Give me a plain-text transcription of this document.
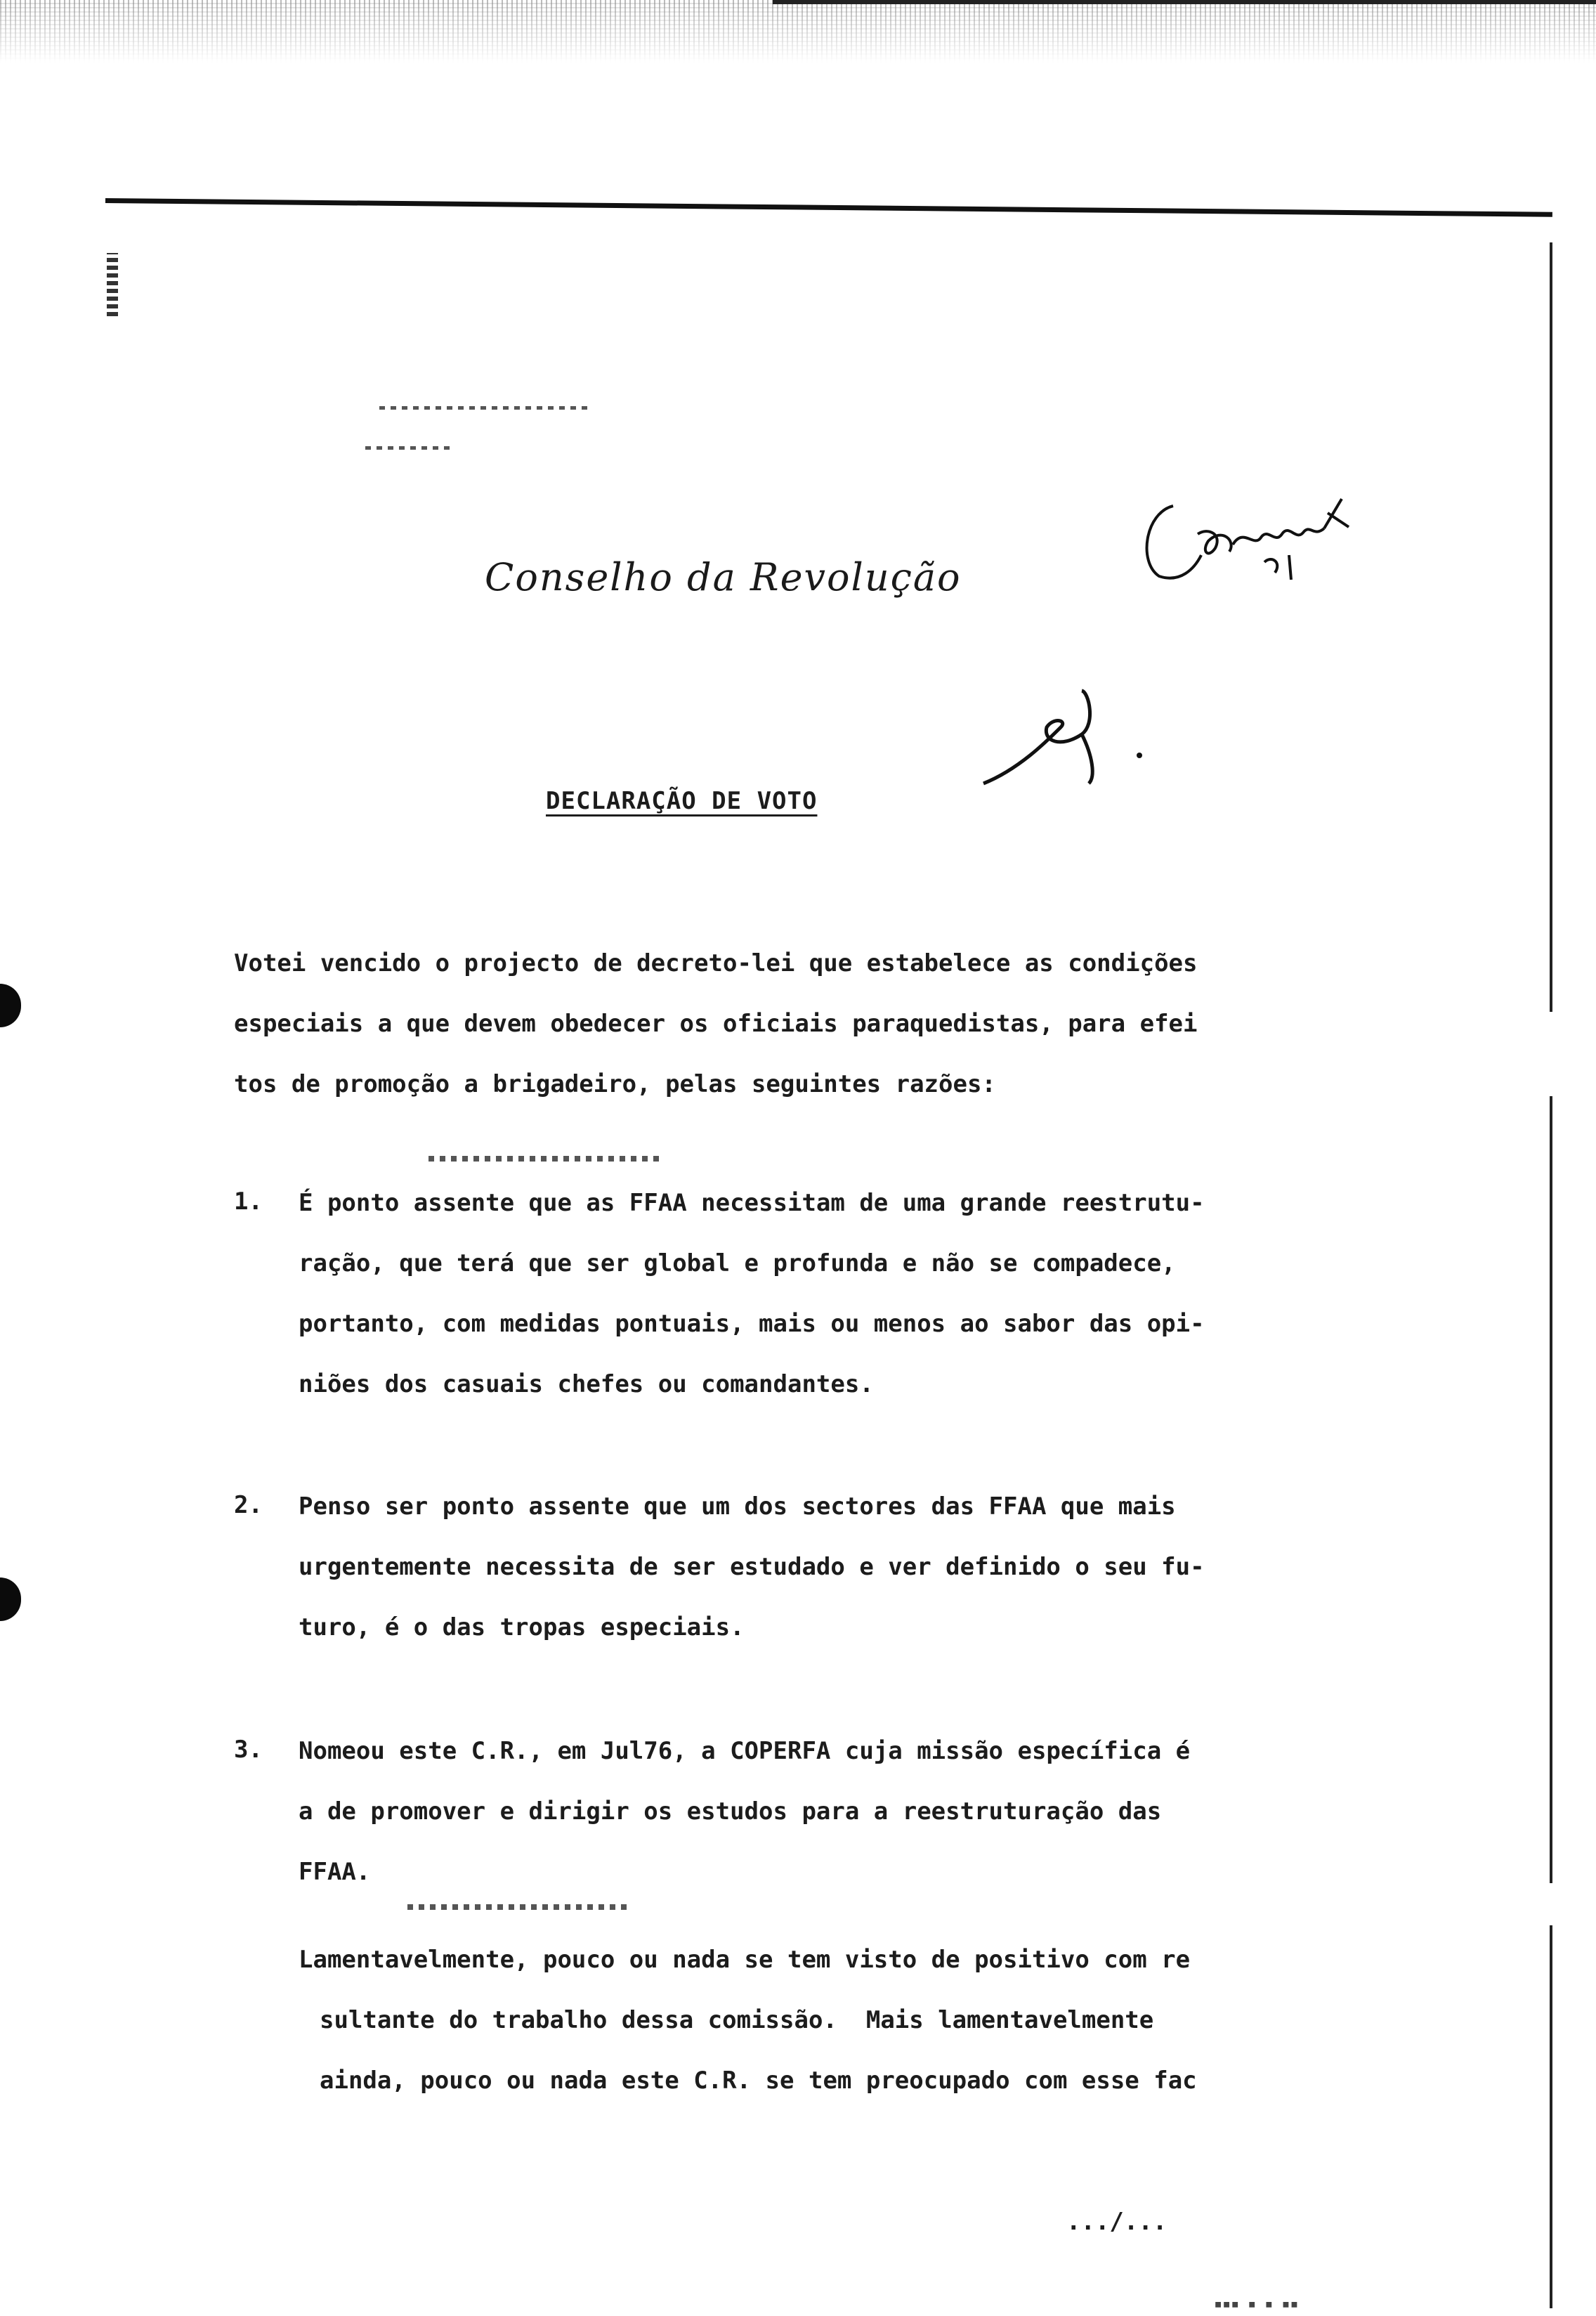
Conselho da Revolução
DECLARAÇÃO DE VOTO
Votei vencido o projecto de decreto-lei que estabelece as condições
especiais a que devem obedecer os oficiais paraquedistas, para efei
tos de promoção a brigadeiro, pelas seguintes razões:
1. É ponto assente que as FFAA necessitam de uma grande reestrutu-
ração, que terá que ser global e profunda e não se compadece,
portanto, com medidas pontuais, mais ou menos ao sabor das opi-
niões dos casuais chefes ou comandantes.
2. Penso ser ponto assente que um dos sectores das FFAA que mais
urgentemente necessita de ser estudado e ver definido o seu fu-
turo, é o das tropas especiais.
3. Nomeou este C.R., em Jul76, a COPERFA cuja missão específica é
a de promover e dirigir os estudos para a reestruturação das
FFAA.
Lamentavelmente, pouco ou nada se tem visto de positivo com re
sultante do trabalho dessa comissão.  Mais lamentavelmente
ainda, pouco ou nada este C.R. se tem preocupado com esse fac
.../...
▪▪▪ ▪ ▪ ▪▪
